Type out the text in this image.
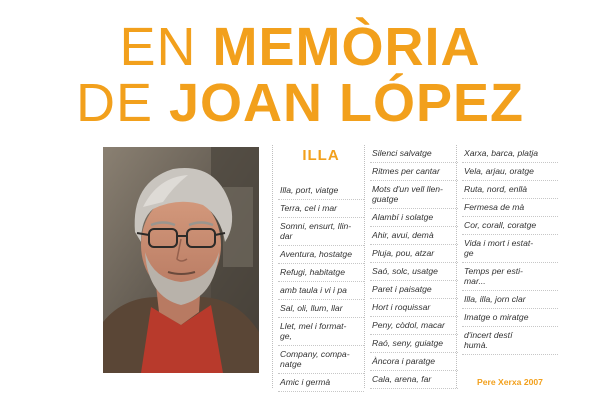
EN MEMÒRIA
DE JOAN LÓPEZ
ILLA
Illa, port, viatge
Terra, cel i mar
Somni, ensurt, llin-
dar
Aventura, hostatge
Refugi, habitatge
amb taula i vi i pa
Sal, oli, llum, llar
Llet, mel i format-
ge,
Company, compa-
natge
Amic i germà
Silenci salvatge
Ritmes per cantar
Mots d'un vell llen-
guatge
Alambí i solatge
Ahir, avui, demà
Pluja, pou, atzar
Saó, solc, usatge
Paret i paisatge
Hort i roquissar
Peny, còdol, macar
Raó, seny, guiatge
Àncora i paratge
Cala, arena, far
Xarxa, barca, platja
Vela, arjau, oratge
Ruta, nord, enllà
Fermesa de mà
Cor, corall, coratge
Vida i mort i estat-
ge
Temps per esti-
mar...
Illa, illa, jorn clar
Imatge o miratge
d'incert destí
humà.
Pere Xerxa 2007
